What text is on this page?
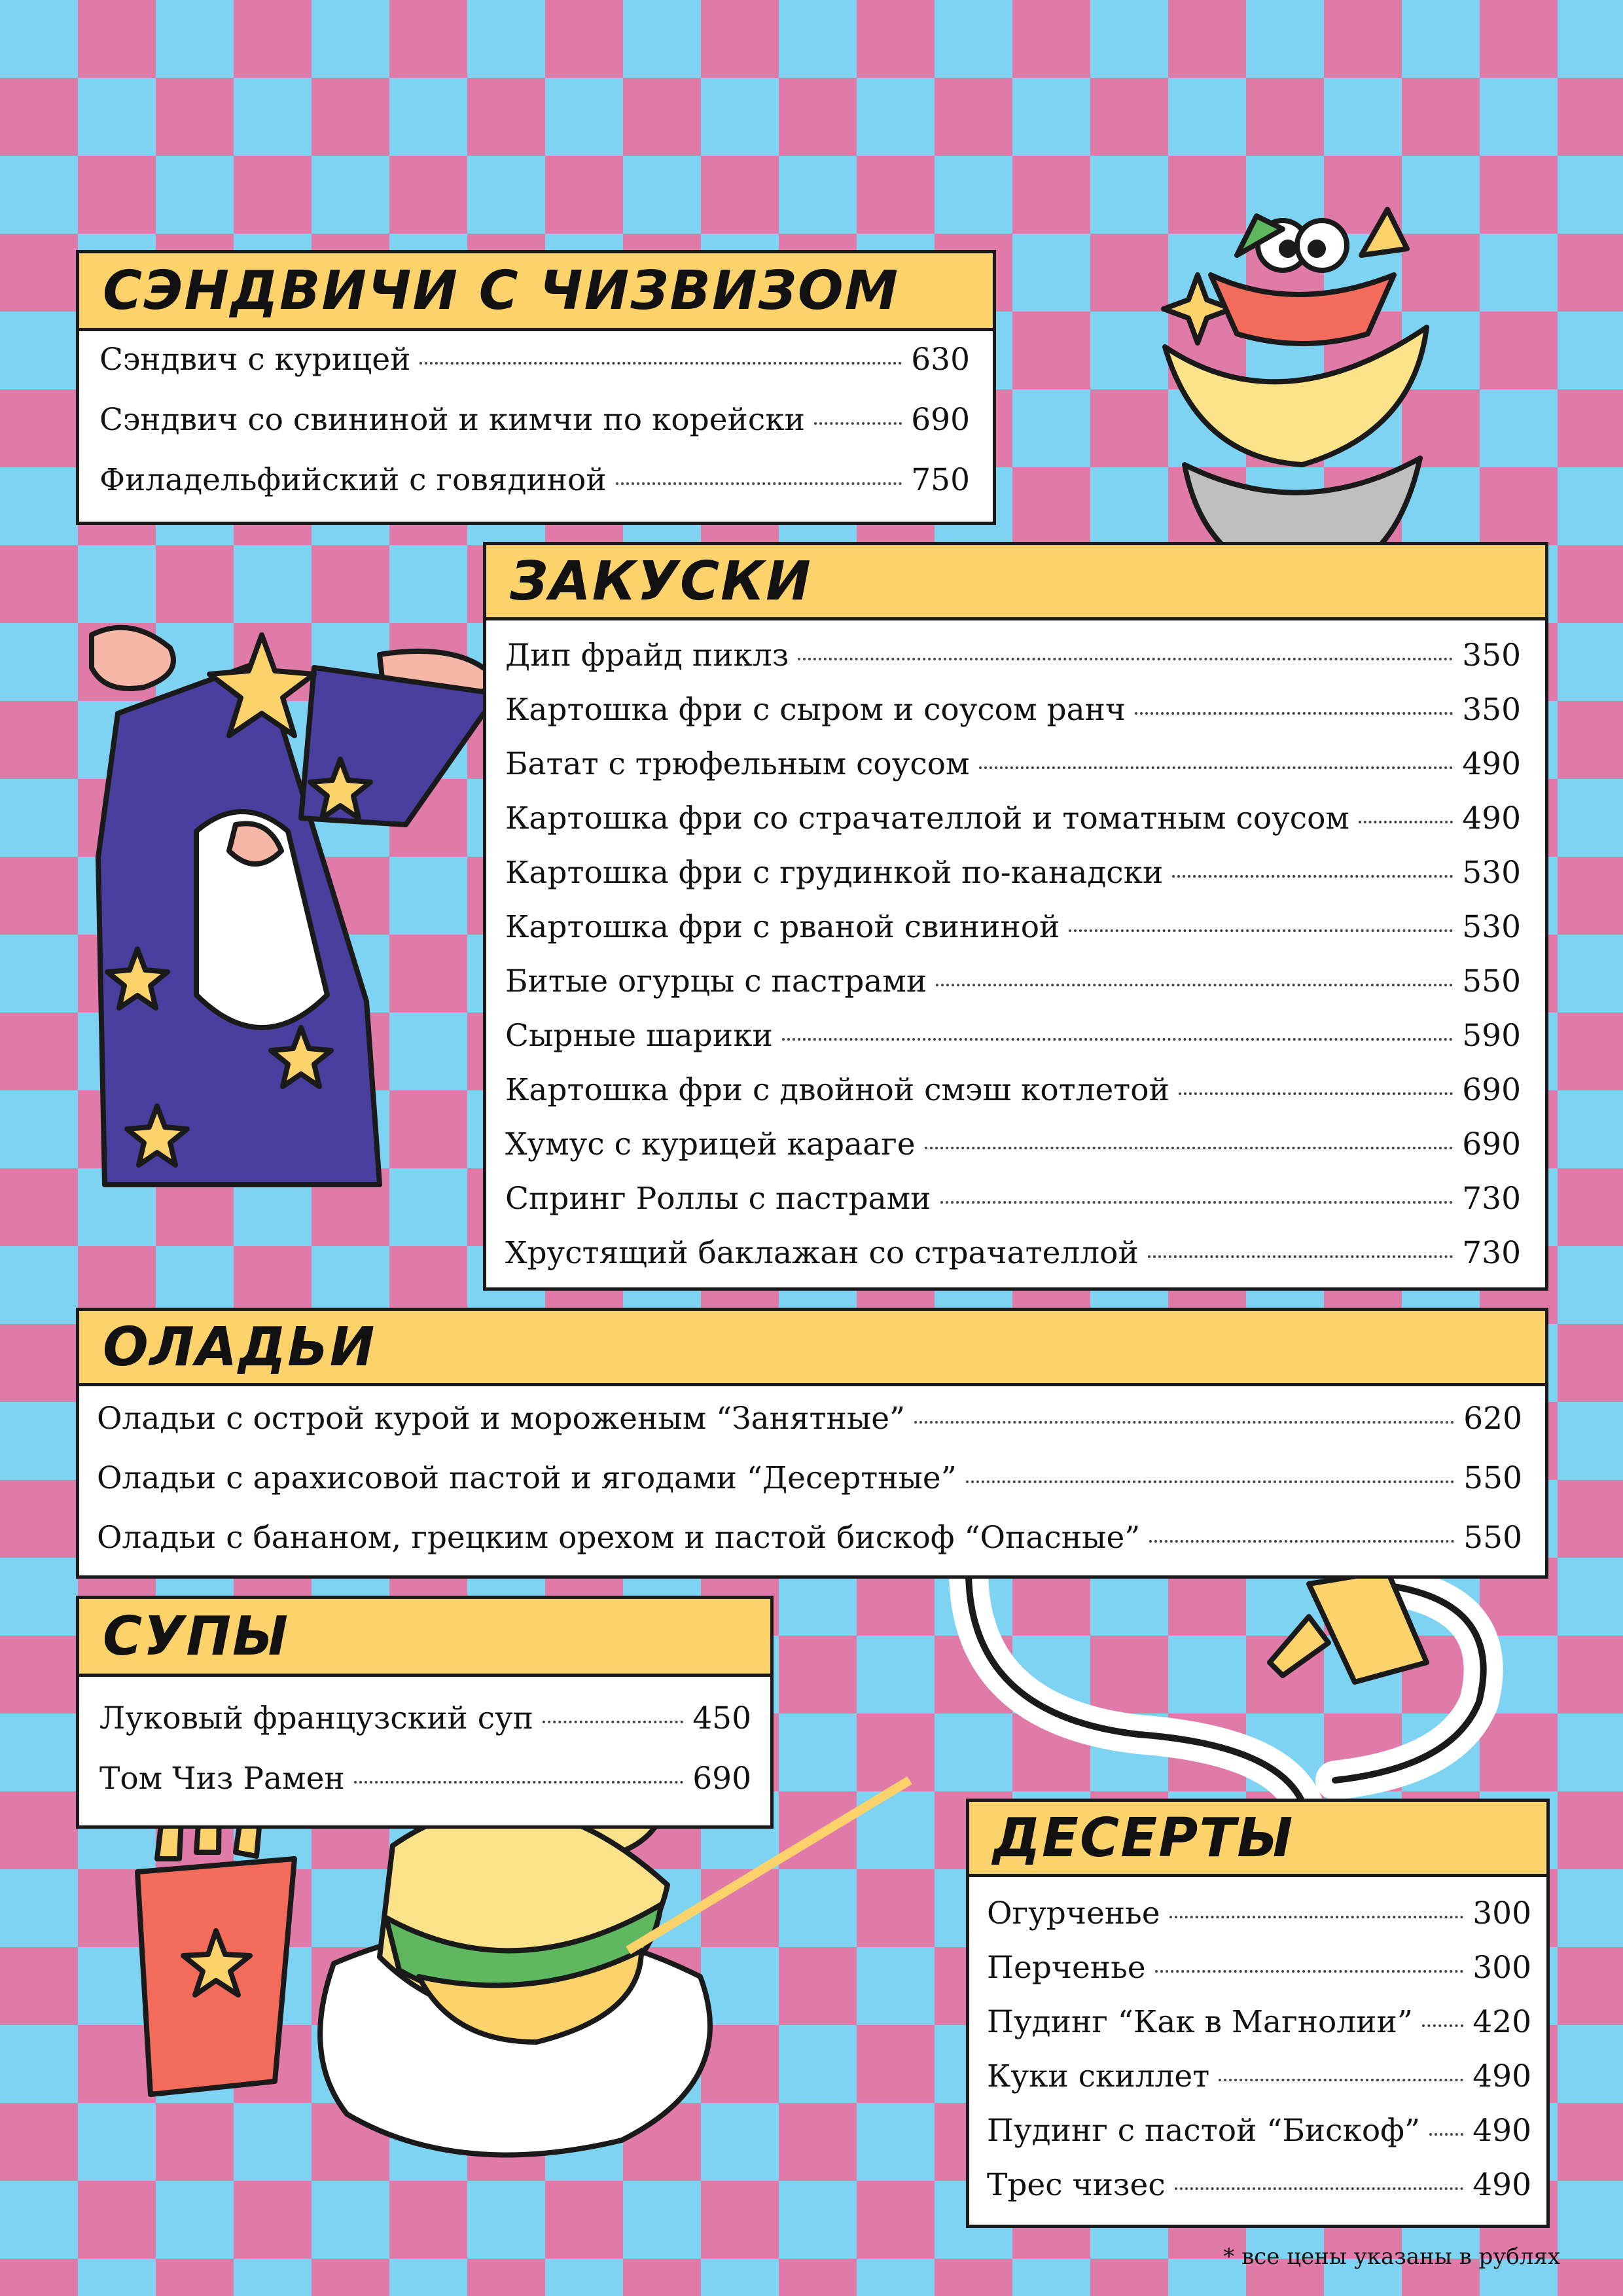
СЭНДВИЧИ С ЧИЗВИЗОМ
Сэндвич с курицей	630
Сэндвич со свининой и кимчи по корейски	690
Филадельфийский с говядиной	750
ЗАКУСКИ
Дип фрайд пиклз	350
Картошка фри с сыром и соусом ранч	350
Батат с трюфельным соусом	490
Картошка фри со страчателлой и томатным соусом	490
Картошка фри с грудинкой по-канадски	530
Картошка фри с рваной свининой	530
Битые огурцы с пастрами	550
Сырные шарики	590
Картошка фри с двойной смэш котлетой	690
Хумус с курицей карааге	690
Спринг Роллы с пастрами	730
Хрустящий баклажан со страчателлой	730
ОЛАДЬИ
Оладьи с острой курой и мороженым “Занятные”	620
Оладьи с арахисовой пастой и ягодами “Десертные”	550
Оладьи с бананом, грецким орехом и пастой бискоф “Опасные”	550
СУПЫ
Луковый французский суп	450
Том Чиз Рамен	690
ДЕСЕРТЫ
Огурченье	300
Перченье	300
Пудинг “Как в Магнолии” 420
Куки скиллет	490
Пудинг с пастой “Бискоф” 490
Трес чизес	490
* все цены указаны в рублях
